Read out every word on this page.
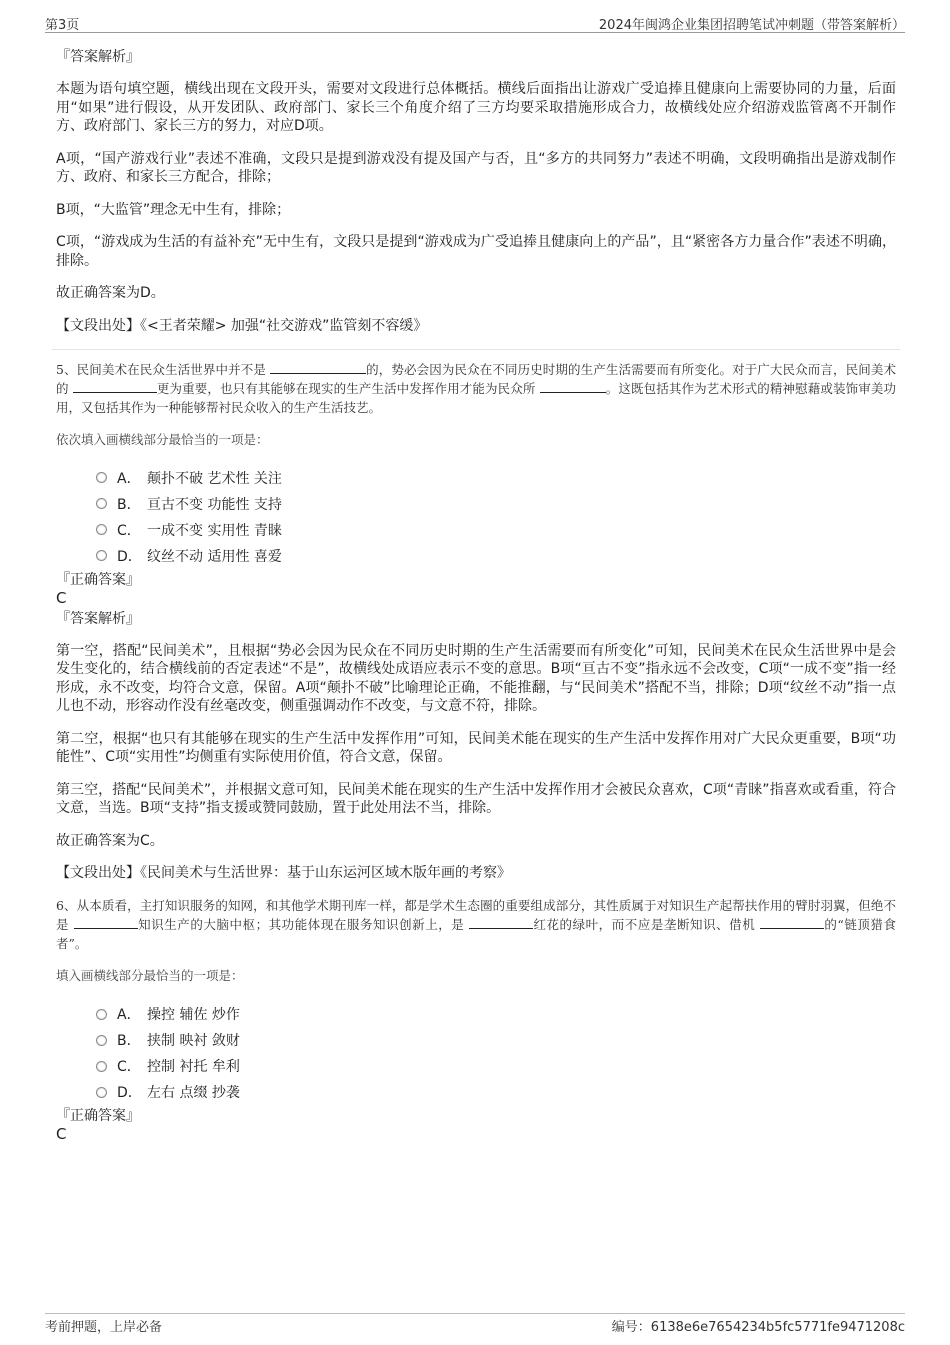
第3页	2024年闽鸿企业集团招聘笔试冲刺题（带答案解析）

『答案解析』

本题为语句填空题，横线出现在文段开头，需要对文段进行总体概括。横线后面指出让游戏广受追捧且健康向上需要协同的力量，后面用“如果”进行假设，从开发团队、政府部门、家长三个角度介绍了三方均要采取措施形成合力，故横线处应介绍游戏监管离不开制作方、政府部门、家长三方的努力，对应D项。

A项，“国产游戏行业”表述不准确，文段只是提到游戏没有提及国产与否，且“多方的共同努力”表述不明确，文段明确指出是游戏制作方、政府、和家长三方配合，排除；

B项，“大监管”理念无中生有，排除；

C项，“游戏成为生活的有益补充”无中生有，文段只是提到“游戏成为广受追捧且健康向上的产品”，且“紧密各方力量合作”表述不明确，排除。

故正确答案为D。

【文段出处】《<王者荣耀> 加强“社交游戏”监管刻不容缓》

5、民间美术在民众生活世界中并不是	的，势必会因为民众在不同历史时期的生产生活需要而有所变化。对于广大民众而言，民间美术的	更为重要，也只有其能够在现实的生产生活中发挥作用才能为民众所	。这既包括其作为艺术形式的精神慰藉或装饰审美功用，又包括其作为一种能够帮衬民众收入的生产生活技艺。

依次填入画横线部分最恰当的一项是：

A． 颠扑不破 艺术性 关注
B． 亘古不变 功能性 支持
C． 一成不变 实用性 青睐
D． 纹丝不动 适用性 喜爱

『正确答案』

C

『答案解析』

第一空，搭配“民间美术”，且根据“势必会因为民众在不同历史时期的生产生活需要而有所变化”可知，民间美术在民众生活世界中是会发生变化的，结合横线前的否定表述“不是”，故横线处成语应表示不变的意思。B项“亘古不变”指永远不会改变，C项“一成不变”指一经形成，永不改变，均符合文意，保留。A项“颠扑不破”比喻理论正确，不能推翻，与“民间美术”搭配不当，排除；D项“纹丝不动”指一点儿也不动，形容动作没有丝毫改变，侧重强调动作不改变，与文意不符，排除。

第二空，根据“也只有其能够在现实的生产生活中发挥作用”可知，民间美术能在现实的生产生活中发挥作用对广大民众更重要，B项“功能性”、C项“实用性”均侧重有实际使用价值，符合文意，保留。

第三空，搭配“民间美术”，并根据文意可知，民间美术能在现实的生产生活中发挥作用才会被民众喜欢，C项“青睐”指喜欢或看重，符合文意，当选。B项“支持”指支援或赞同鼓励，置于此处用法不当，排除。

故正确答案为C。

【文段出处】《民间美术与生活世界：基于山东运河区域木版年画的考察》

6、从本质看，主打知识服务的知网，和其他学术期刊库一样，都是学术生态圈的重要组成部分，其性质属于对知识生产起帮扶作用的臂肘羽翼，但绝不是	知识生产的大脑中枢；其功能体现在服务知识创新上，是	红花的绿叶，而不应是垄断知识、借机	的“链顶猎食者”。

填入画横线部分最恰当的一项是：

A． 操控 辅佐 炒作
B． 挟制 映衬 敛财
C． 控制 衬托 牟利
D． 左右 点缀 抄袭

『正确答案』

C

考前押题，上岸必备	编号：6138e6e7654234b5fc5771fe9471208c
